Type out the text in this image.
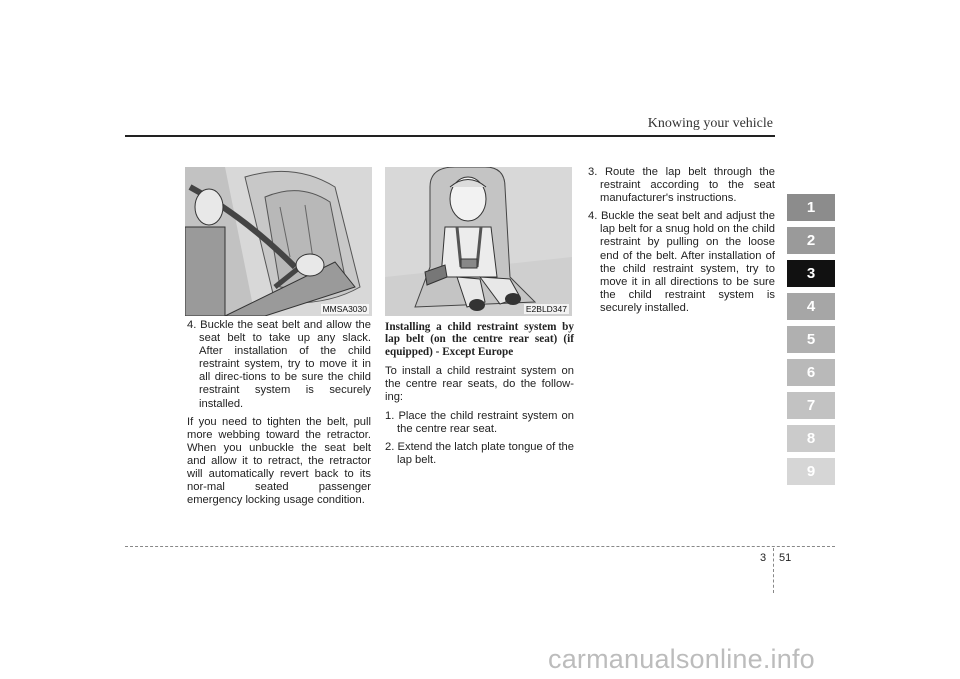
Knowing your vehicle
MMSA3030	E2BLD347

4. Buckle the seat belt and allow the seat belt to take up any slack. After installation of the child restraint system, try to move it in all direc-tions to be sure the child restraint system is securely installed.

If you need to tighten the belt, pull more webbing toward the retractor. When you unbuckle the seat belt and allow it to retract, the retractor will automatically revert back to its nor-mal seated passenger emergency locking usage condition.

Installing a child restraint system by lap belt (on the centre rear seat) (if equipped) - Except Europe

To install a child restraint system on the centre rear seats, do the follow-ing:

1. Place the child restraint system on the centre rear seat.

2. Extend the latch plate tongue of the lap belt.

3. Route the lap belt through the restraint according to the seat manufacturer's instructions.

4. Buckle the seat belt and adjust the lap belt for a snug hold on the child restraint by pulling on the loose end of the belt. After installation of the child restraint system, try to move it in all directions to be sure the child restraint system is securely installed.

1
2
3
4
5
6
7
8
9
3 51
carmanualsonline.info
